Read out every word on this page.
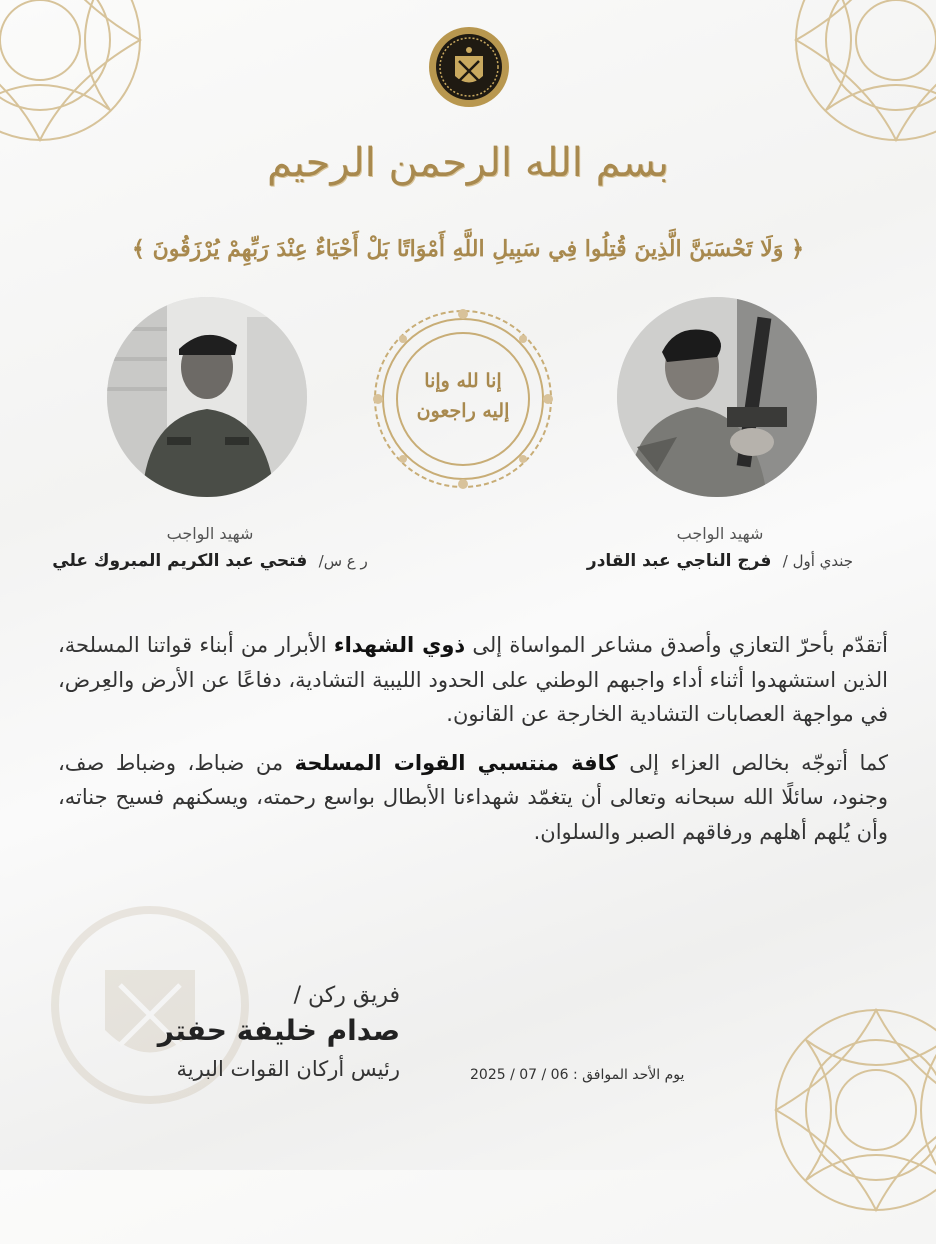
بسم الله الرحمن الرحيم
﴿ وَلَا تَحْسَبَنَّ الَّذِينَ قُتِلُوا فِي سَبِيلِ اللَّهِ أَمْوَاتًا بَلْ أَحْيَاءٌ عِنْدَ رَبِّهِمْ يُرْزَقُونَ ﴾
إنا لله وإنا إليه راجعون
شهيد الواجب
ر ع س/ فتحي عبد الكريم المبروك علي
شهيد الواجب
جندي أول / فرج الناجي عبد القادر

أتقدّم بأحرّ التعازي وأصدق مشاعر المواساة إلى ذوي الشهداء الأبرار من أبناء قواتنا المسلحة، الذين استشهدوا أثناء أداء واجبهم الوطني على الحدود الليبية التشادية، دفاعًا عن الأرض والعِرض، في مواجهة العصابات التشادية الخارجة عن القانون.

كما أتوجّه بخالص العزاء إلى كافة منتسبي القوات المسلحة من ضباط، وضباط صف، وجنود، سائلًا الله سبحانه وتعالى أن يتغمّد شهداءنا الأبطال بواسع رحمته، ويسكنهم فسيح جناته، وأن يُلهم أهلهم ورفاقهم الصبر والسلوان.

فريق ركن /
صدام خليفة حفتر
رئيس أركان القوات البرية	يوم الأحد الموافق : 2025 / 07 / 06
